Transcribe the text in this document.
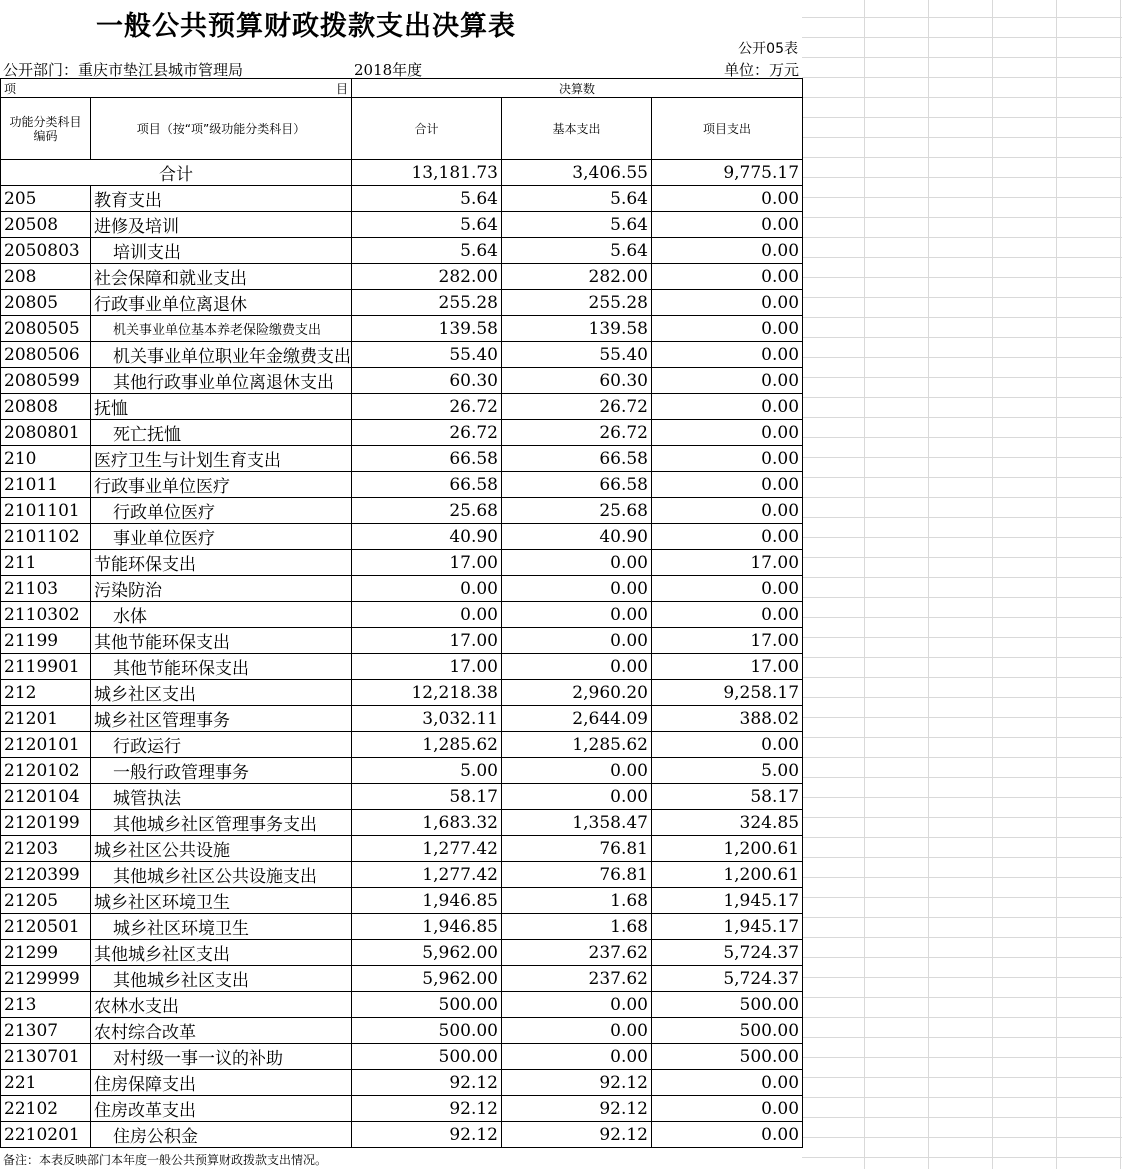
一般公共预算财政拨款支出决算表
公开05表
公开部门：重庆市垫江县城市管理局	2018年度	单位：万元
项 目		决算数		
功能分类科目编码	项目（按“项”级功能分类科目）	合计	基本支出	项目支出
合计		13,181.73	3,406.55	9,775.17
205	教育支出	5.64	5.64	0.00
20508	进修及培训	5.64	5.64	0.00
2050803	培训支出	5.64	5.64	0.00
208	社会保障和就业支出	282.00	282.00	0.00
20805	行政事业单位离退休	255.28	255.28	0.00
2080505	机关事业单位基本养老保险缴费支出	139.58	139.58	0.00
2080506	机关事业单位职业年金缴费支出	55.40	55.40	0.00
2080599	其他行政事业单位离退休支出	60.30	60.30	0.00
20808	抚恤	26.72	26.72	0.00
2080801	死亡抚恤	26.72	26.72	0.00
210	医疗卫生与计划生育支出	66.58	66.58	0.00
21011	行政事业单位医疗	66.58	66.58	0.00
2101101	行政单位医疗	25.68	25.68	0.00
2101102	事业单位医疗	40.90	40.90	0.00
211	节能环保支出	17.00	0.00	17.00
21103	污染防治	0.00	0.00	0.00
2110302	水体	0.00	0.00	0.00
21199	其他节能环保支出	17.00	0.00	17.00
2119901	其他节能环保支出	17.00	0.00	17.00
212	城乡社区支出	12,218.38	2,960.20	9,258.17
21201	城乡社区管理事务	3,032.11	2,644.09	388.02
2120101	行政运行	1,285.62	1,285.62	0.00
2120102	一般行政管理事务	5.00	0.00	5.00
2120104	城管执法	58.17	0.00	58.17
2120199	其他城乡社区管理事务支出	1,683.32	1,358.47	324.85
21203	城乡社区公共设施	1,277.42	76.81	1,200.61
2120399	其他城乡社区公共设施支出	1,277.42	76.81	1,200.61
21205	城乡社区环境卫生	1,946.85	1.68	1,945.17
2120501	城乡社区环境卫生	1,946.85	1.68	1,945.17
21299	其他城乡社区支出	5,962.00	237.62	5,724.37
2129999	其他城乡社区支出	5,962.00	237.62	5,724.37
213	农林水支出	500.00	0.00	500.00
21307	农村综合改革	500.00	0.00	500.00
2130701	对村级一事一议的补助	500.00	0.00	500.00
221	住房保障支出	92.12	92.12	0.00
22102	住房改革支出	92.12	92.12	0.00
2210201	住房公积金	92.12	92.12	0.00
备注：本表反映部门本年度一般公共预算财政拨款支出情况。
